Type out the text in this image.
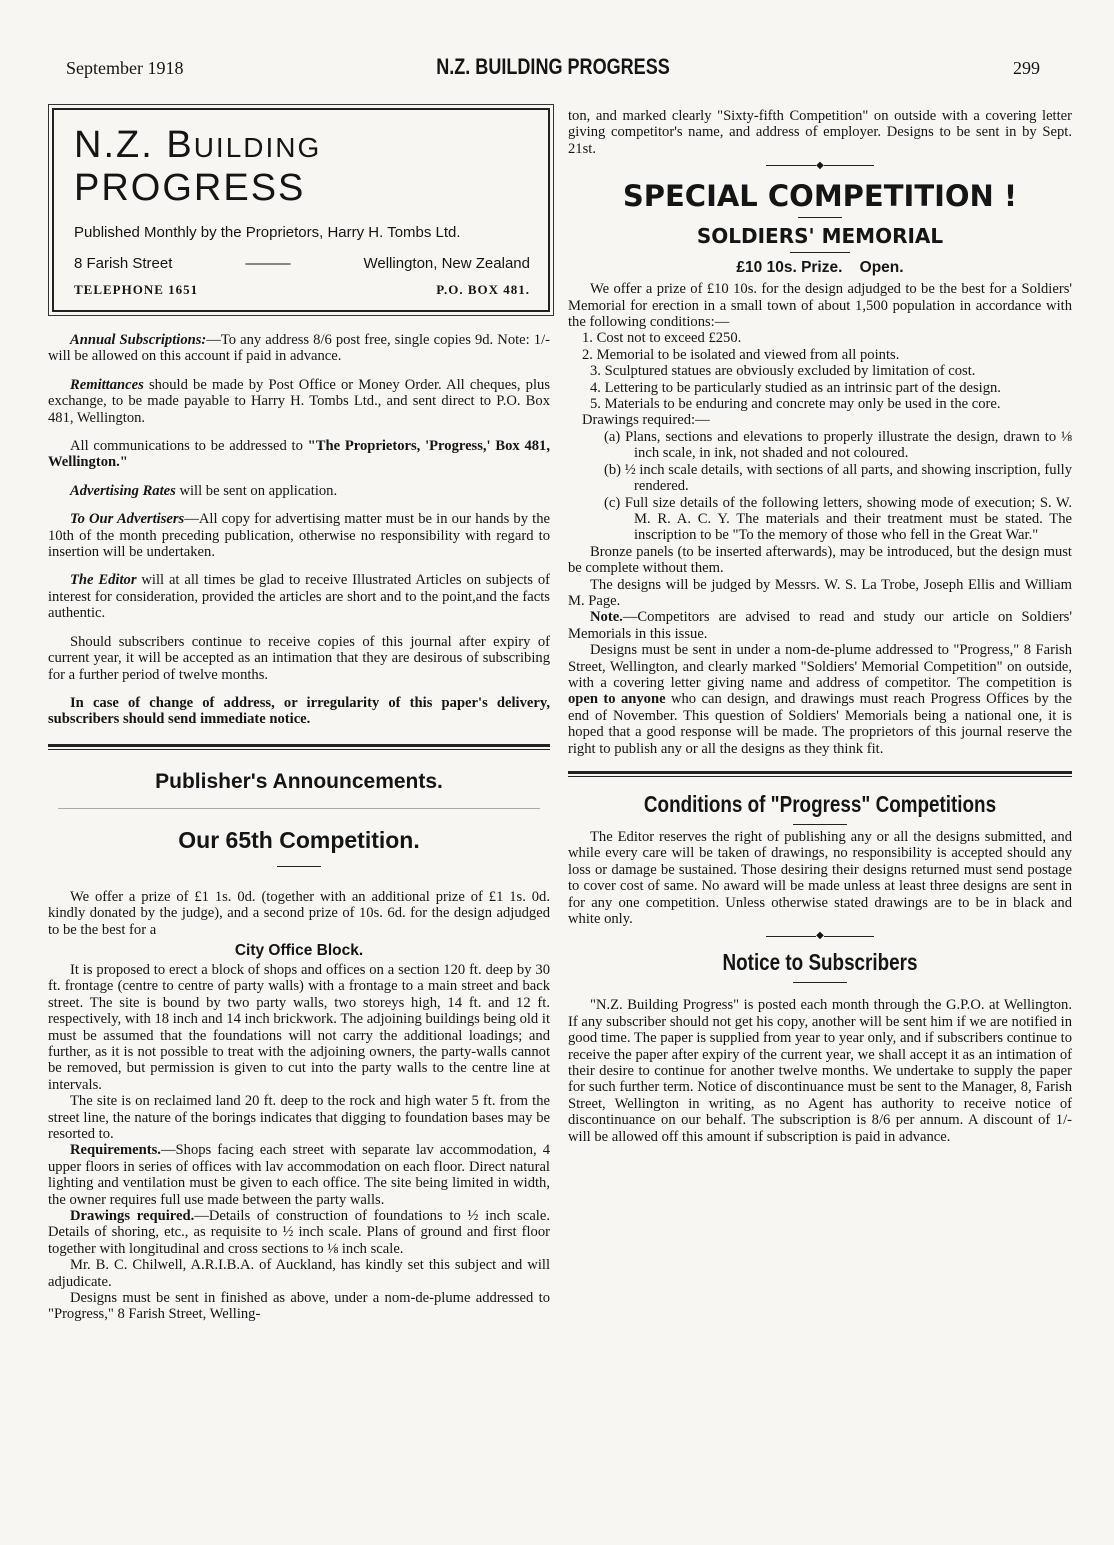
September 1918	N.Z. BUILDING PROGRESS	299
N.Z. BUILDING PROGRESS
Published Monthly by the Proprietors, Harry H. Tombs Ltd.
8 Farish Street	———	Wellington, New Zealand
TELEPHONE 1651	P.O. BOX 481.

Annual Subscriptions:—To any address 8/6 post free, single copies 9d. Note: 1/- will be allowed on this account if paid in advance.

Remittances should be made by Post Office or Money Order. All cheques, plus exchange, to be made payable to Harry H. Tombs Ltd., and sent direct to P.O. Box 481, Wellington.

All communications to be addressed to "The Proprietors, 'Progress,' Box 481, Wellington."

Advertising Rates will be sent on application.

To Our Advertisers—All copy for advertising matter must be in our hands by the 10th of the month preceding publication, otherwise no responsibility with regard to insertion will be undertaken.

The Editor will at all times be glad to receive Illustrated Articles on subjects of interest for consideration, provided the articles are short and to the point,and the facts authentic.

Should subscribers continue to receive copies of this journal after expiry of current year, it will be accepted as an intimation that they are desirous of subscribing for a further period of twelve months.

In case of change of address, or irregularity of this paper's delivery, subscribers should send immediate notice.

Publisher's Announcements.
Our 65th Competition.

We offer a prize of £1 1s. 0d. (together with an additional prize of £1 1s. 0d. kindly donated by the judge), and a second prize of 10s. 6d. for the design adjudged to be the best for a

City Office Block.

It is proposed to erect a block of shops and offices on a section 120 ft. deep by 30 ft. frontage (centre to centre of party walls) with a frontage to a main street and back street. The site is bound by two party walls, two storeys high, 14 ft. and 12 ft. respectively, with 18 inch and 14 inch brickwork. The adjoining buildings being old it must be assumed that the foundations will not carry the additional loadings; and further, as it is not possible to treat with the adjoining owners, the party-walls cannot be removed, but permission is given to cut into the party walls to the centre line at intervals.

The site is on reclaimed land 20 ft. deep to the rock and high water 5 ft. from the street line, the nature of the borings indicates that digging to foundation bases may be resorted to.

Requirements.—Shops facing each street with separate lav accommodation, 4 upper floors in series of offices with lav accommodation on each floor. Direct natural lighting and ventilation must be given to each office. The site being limited in width, the owner requires full use made between the party walls.

Drawings required.—Details of construction of foundations to ½ inch scale. Details of shoring, etc., as requisite to ½ inch scale. Plans of ground and first floor together with longitudinal and cross sections to ⅛ inch scale.

Mr. B. C. Chilwell, A.R.I.B.A. of Auckland, has kindly set this subject and will adjudicate.

Designs must be sent in finished as above, under a nom-de-plume addressed to "Progress," 8 Farish Street, Welling-

ton, and marked clearly "Sixty-fifth Competition" on outside with a covering letter giving competitor's name, and address of employer. Designs to be sent in by Sept. 21st.

◆
SPECIAL COMPETITION !
SOLDIERS' MEMORIAL
£10 10s. Prize. Open.

We offer a prize of £10 10s. for the design adjudged to be the best for a Soldiers' Memorial for erection in a small town of about 1,500 population in accordance with the following conditions:—

1. Cost not to exceed £250.

2. Memorial to be isolated and viewed from all points.

3. Sculptured statues are obviously excluded by limitation of cost.

4. Lettering to be particularly studied as an intrinsic part of the design.

5. Materials to be enduring and concrete may only be used in the core.

Drawings required:—

(a) Plans, sections and elevations to properly illustrate the design, drawn to ⅛ inch scale, in ink, not shaded and not coloured.

(b) ½ inch scale details, with sections of all parts, and showing inscription, fully rendered.

(c) Full size details of the following letters, showing mode of execution; S. W. M. R. A. C. Y. The materials and their treatment must be stated. The inscription to be "To the memory of those who fell in the Great War."

Bronze panels (to be inserted afterwards), may be introduced, but the design must be complete without them.

The designs will be judged by Messrs. W. S. La Trobe, Joseph Ellis and William M. Page.

Note.—Competitors are advised to read and study our article on Soldiers' Memorials in this issue.

Designs must be sent in under a nom-de-plume addressed to "Progress," 8 Farish Street, Wellington, and clearly marked "Soldiers' Memorial Competition" on outside, with a covering letter giving name and address of competitor. The competition is open to anyone who can design, and drawings must reach Progress Offices by the end of November. This question of Soldiers' Memorials being a national one, it is hoped that a good response will be made. The proprietors of this journal reserve the right to publish any or all the designs as they think fit.

Conditions of "Progress" Competitions

The Editor reserves the right of publishing any or all the designs submitted, and while every care will be taken of drawings, no responsibility is accepted should any loss or damage be sustained. Those desiring their designs returned must send postage to cover cost of same. No award will be made unless at least three designs are sent in for any one competition. Unless otherwise stated drawings are to be in black and white only.

◆
Notice to Subscribers

"N.Z. Building Progress" is posted each month through the G.P.O. at Wellington. If any subscriber should not get his copy, another will be sent him if we are notified in good time. The paper is supplied from year to year only, and if subscribers continue to receive the paper after expiry of the current year, we shall accept it as an intimation of their desire to continue for another twelve months. We undertake to supply the paper for such further term. Notice of discontinuance must be sent to the Manager, 8, Farish Street, Wellington in writing, as no Agent has authority to receive notice of discontinuance on our behalf. The subscription is 8/6 per annum. A discount of 1/- will be allowed off this amount if subscription is paid in advance.
